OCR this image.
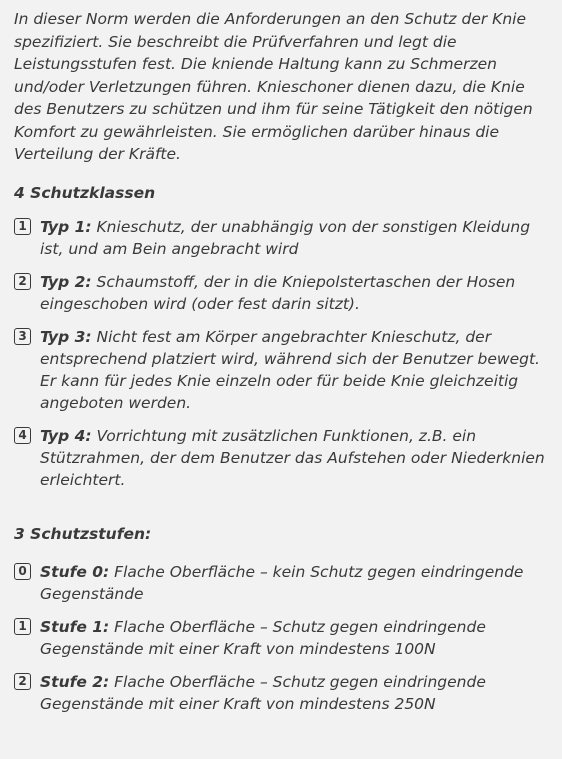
In dieser Norm werden die Anforderungen an den Schutz der Knie spezifiziert. Sie beschreibt die Prüfverfahren und legt die Leistungsstufen fest. Die kniende Haltung kann zu Schmerzen und/oder Verletzungen führen. Knieschoner dienen dazu, die Knie des Benutzers zu schützen und ihm für seine Tätigkeit den nötigen Komfort zu gewährleisten. Sie ermöglichen darüber hinaus die Verteilung der Kräfte.

4 Schutzklassen

1 Typ 1: Knieschutz, der unabhängig von der sonstigen Kleidung ist, und am Bein angebracht wird
2 Typ 2: Schaumstoff, der in die Kniepolstertaschen der Hosen eingeschoben wird (oder fest darin sitzt).
3 Typ 3: Nicht fest am Körper angebrachter Knieschutz, der entsprechend platziert wird, während sich der Benutzer bewegt. Er kann für jedes Knie einzeln oder für beide Knie gleichzeitig angeboten werden.
4 Typ 4: Vorrichtung mit zusätzlichen Funktionen, z.B. ein Stützrahmen, der dem Benutzer das Aufstehen oder Niederknien erleichtert.

3 Schutzstufen:

0 Stufe 0: Flache Oberfläche – kein Schutz gegen eindringende Gegenstände
1 Stufe 1: Flache Oberfläche – Schutz gegen eindringende Gegenstände mit einer Kraft von mindestens 100N
2 Stufe 2: Flache Oberfläche – Schutz gegen eindringende Gegenstände mit einer Kraft von mindestens 250N
